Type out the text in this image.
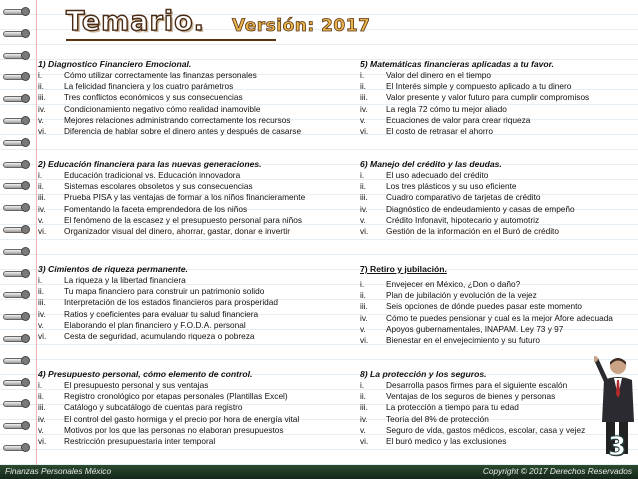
Temario. Versión: 2017
1) Diagnostico Financiero Emocional.
i.	Cómo utilizar correctamente las finanzas personales
ii.	La felicidad financiera y los cuatro parámetros
iii.	Tres conflictos económicos y sus consecuencias
iv.	Condicionamiento negativo cómo realidad inamovible
v.	Mejores relaciones administrando correctamente los recursos
vi.	Diferencia de hablar sobre el dinero antes y después de casarse
2) Educación financiera para las nuevas generaciones.
i.	Educación tradicional vs. Educación innovadora
ii.	Sistemas escolares obsoletos y sus consecuencias
iii.	Prueba PISA y las ventajas de formar a los niños financieramente
iv.	Fomentando la faceta emprendedora de los niños
v.	El fenómeno de la escasez y el presupuesto personal para niños
vi.	Organizador visual del dinero, ahorrar, gastar, donar e invertir
3) Cimientos de riqueza permanente.
i.	La riqueza y la libertad financiera
ii.	Tu mapa financiero para construir un patrimonio solido
iii.	Interpretación de los estados financieros para prosperidad
iv.	Ratios y coeficientes para evaluar tu salud financiera
v.	Elaborando el plan financiero y F.O.D.A. personal
vi.	Cesta de seguridad, acumulando riqueza o pobreza
4) Presupuesto personal, cómo elemento de control.
i.	El presupuesto personal y sus ventajas
ii.	Registro cronológico por etapas personales (Plantillas Excel)
iii.	Catálogo y subcatálogo de cuentas para registro
iv.	El control del gasto hormiga y el precio por hora de energía vital
v.	Motivos por los que las personas no elaboran presupuestos
vi.	Restricción presupuestaria inter temporal
5) Matemáticas financieras aplicadas a tu favor.
i.	Valor del dinero en el tiempo
ii.	El Interés simple y compuesto aplicado a tu dinero
iii.	Valor presente y valor futuro para cumplir compromisos
iv.	La regla 72 cómo tu mejor aliado
v.	Ecuaciones de valor para crear riqueza
vi.	El costo de retrasar el ahorro
6) Manejo del crédito y las deudas.
i.	El uso adecuado del crédito
ii.	Los tres plásticos y su uso eficiente
iii.	Cuadro comparativo de tarjetas de crédito
iv.	Diagnóstico de endeudamiento y casas de empeño
v.	Crédito Infonavit, hipotecario y automotriz
vi.	Gestión de la información en el Buró de crédito
7) Retiro y jubilación.
i.	Envejecer en México, ¿Don o daño?
ii.	Plan de jubilación y evolución de la vejez
iii.	Seis opciones de dónde puedes pasar este momento
iv.	Cómo te puedes pensionar y cual es la mejor Afore adecuada
v.	Apoyos gubernamentales, INAPAM. Ley 73 y 97
vi.	Bienestar en el envejecimiento y su futuro
8) La protección y los seguros.
i.	Desarrolla pasos firmes para el siguiente escalón
ii.	Ventajas de los seguros de bienes y personas
iii.	La protección a tiempo para tu edad
iv.	Teoría del 8% de protección
v.	Seguro de vida, gastos médicos, escolar, casa y vejez
vi.	El buró medico y las exclusiones	3
Finanzas Personales México	Copyright © 2017 Derechos Reservados
